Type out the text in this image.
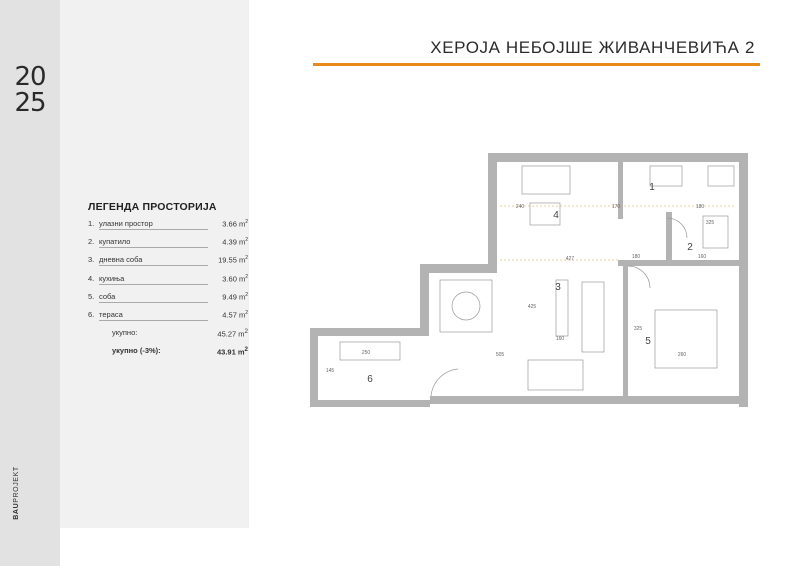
20
25
BAUPROJEKT
ХЕРОЈА НЕБОЈШЕ ЖИВАНЧЕВИЋА 2
ЛЕГЕНДА ПРОСТОРИЈА
1. улазни простор	3.66 $m^2$
2. купатило	4.39 $m^2$
3. дневна соба	19.55 $m^2$
4. кухиња	3.60 $m^2$
5. соба	9.49 $m^2$
6. тераса	4.57 $m^2$
укупно:	45.27 $m^2$
укупно (-3%):	43.91 $m^2$
1
2
3
4
5
6
170	180
240
427
260
505
180
250
425
325
325
160
160
145
